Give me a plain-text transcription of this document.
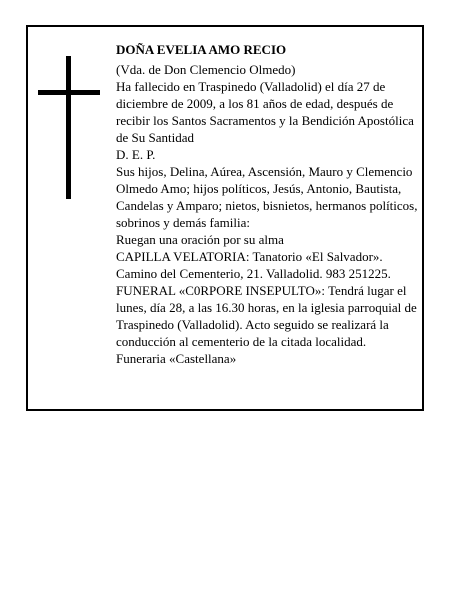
DOÑA EVELIA AMO RECIO

(Vda. de Don Clemencio Olmedo)

Ha fallecido en Traspinedo (Valladolid) el día 27 de diciembre de 2009, a los 81 años de edad, después de recibir los Santos Sacramentos y la Bendición Apostólica de Su Santidad

D. E. P.

Sus hijos, Delina, Aúrea, Ascensión, Mauro y Clemencio Olmedo Amo; hijos políticos, Jesús, Antonio, Bautista, Candelas y Amparo; nietos, bisnietos, hermanos políticos, sobrinos y demás familia:

Ruegan una oración por su alma

CAPILLA VELATORIA: Tanatorio «El Salvador». Camino del Cementerio, 21. Valladolid. 983 251225.

FUNERAL «C0RPORE INSEPULTO»: Tendrá lugar el lunes, día 28, a las 16.30 horas, en la iglesia parroquial de Traspinedo (Valladolid). Acto seguido se realizará la conducción al cementerio de la citada localidad.

Funeraria «Castellana»
